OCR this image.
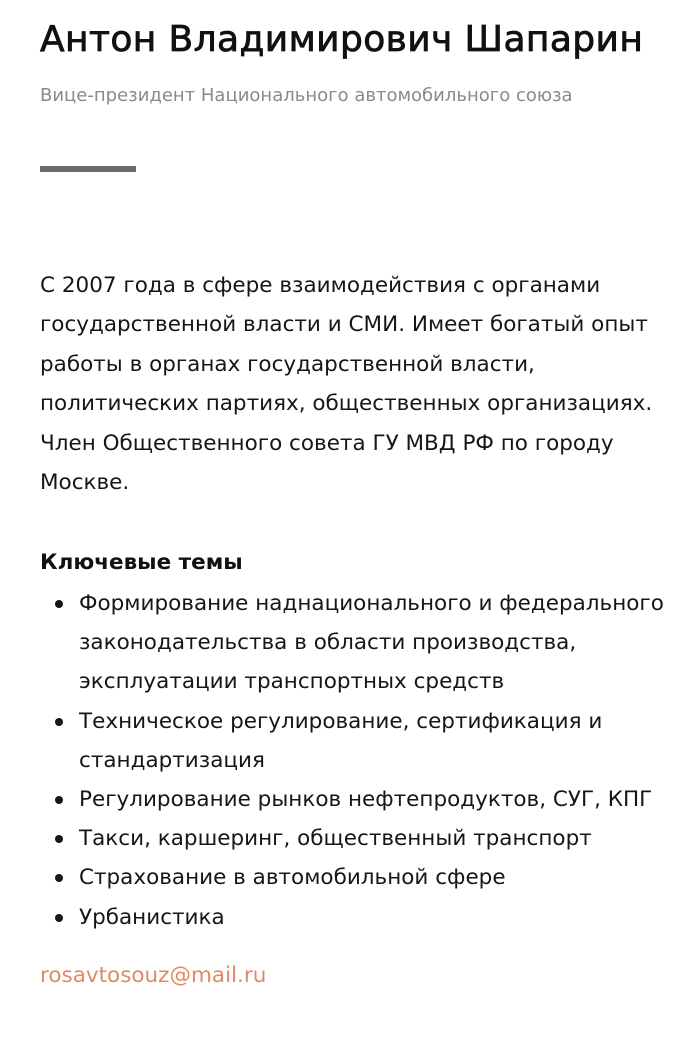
Антон Владимирович Шапарин
Вице-президент Национального автомобильного союза

С 2007 года в сфере взаимодействия с органами государственной власти и СМИ. Имеет богатый опыт работы в органах государственной власти, политических партиях, общественных организациях. Член Общественного совета ГУ МВД РФ по городу Москве.

Ключевые темы
Формирование наднационального и федерального законодательства в области производства, эксплуатации транспортных средств
Техническое регулирование, сертификация и стандартизация
Регулирование рынков нефтепродуктов, СУГ, КПГ
Такси, каршеринг, общественный транспорт
Страхование в автомобильной сфере
Урбанистика
rosavtosouz@mail.ru
